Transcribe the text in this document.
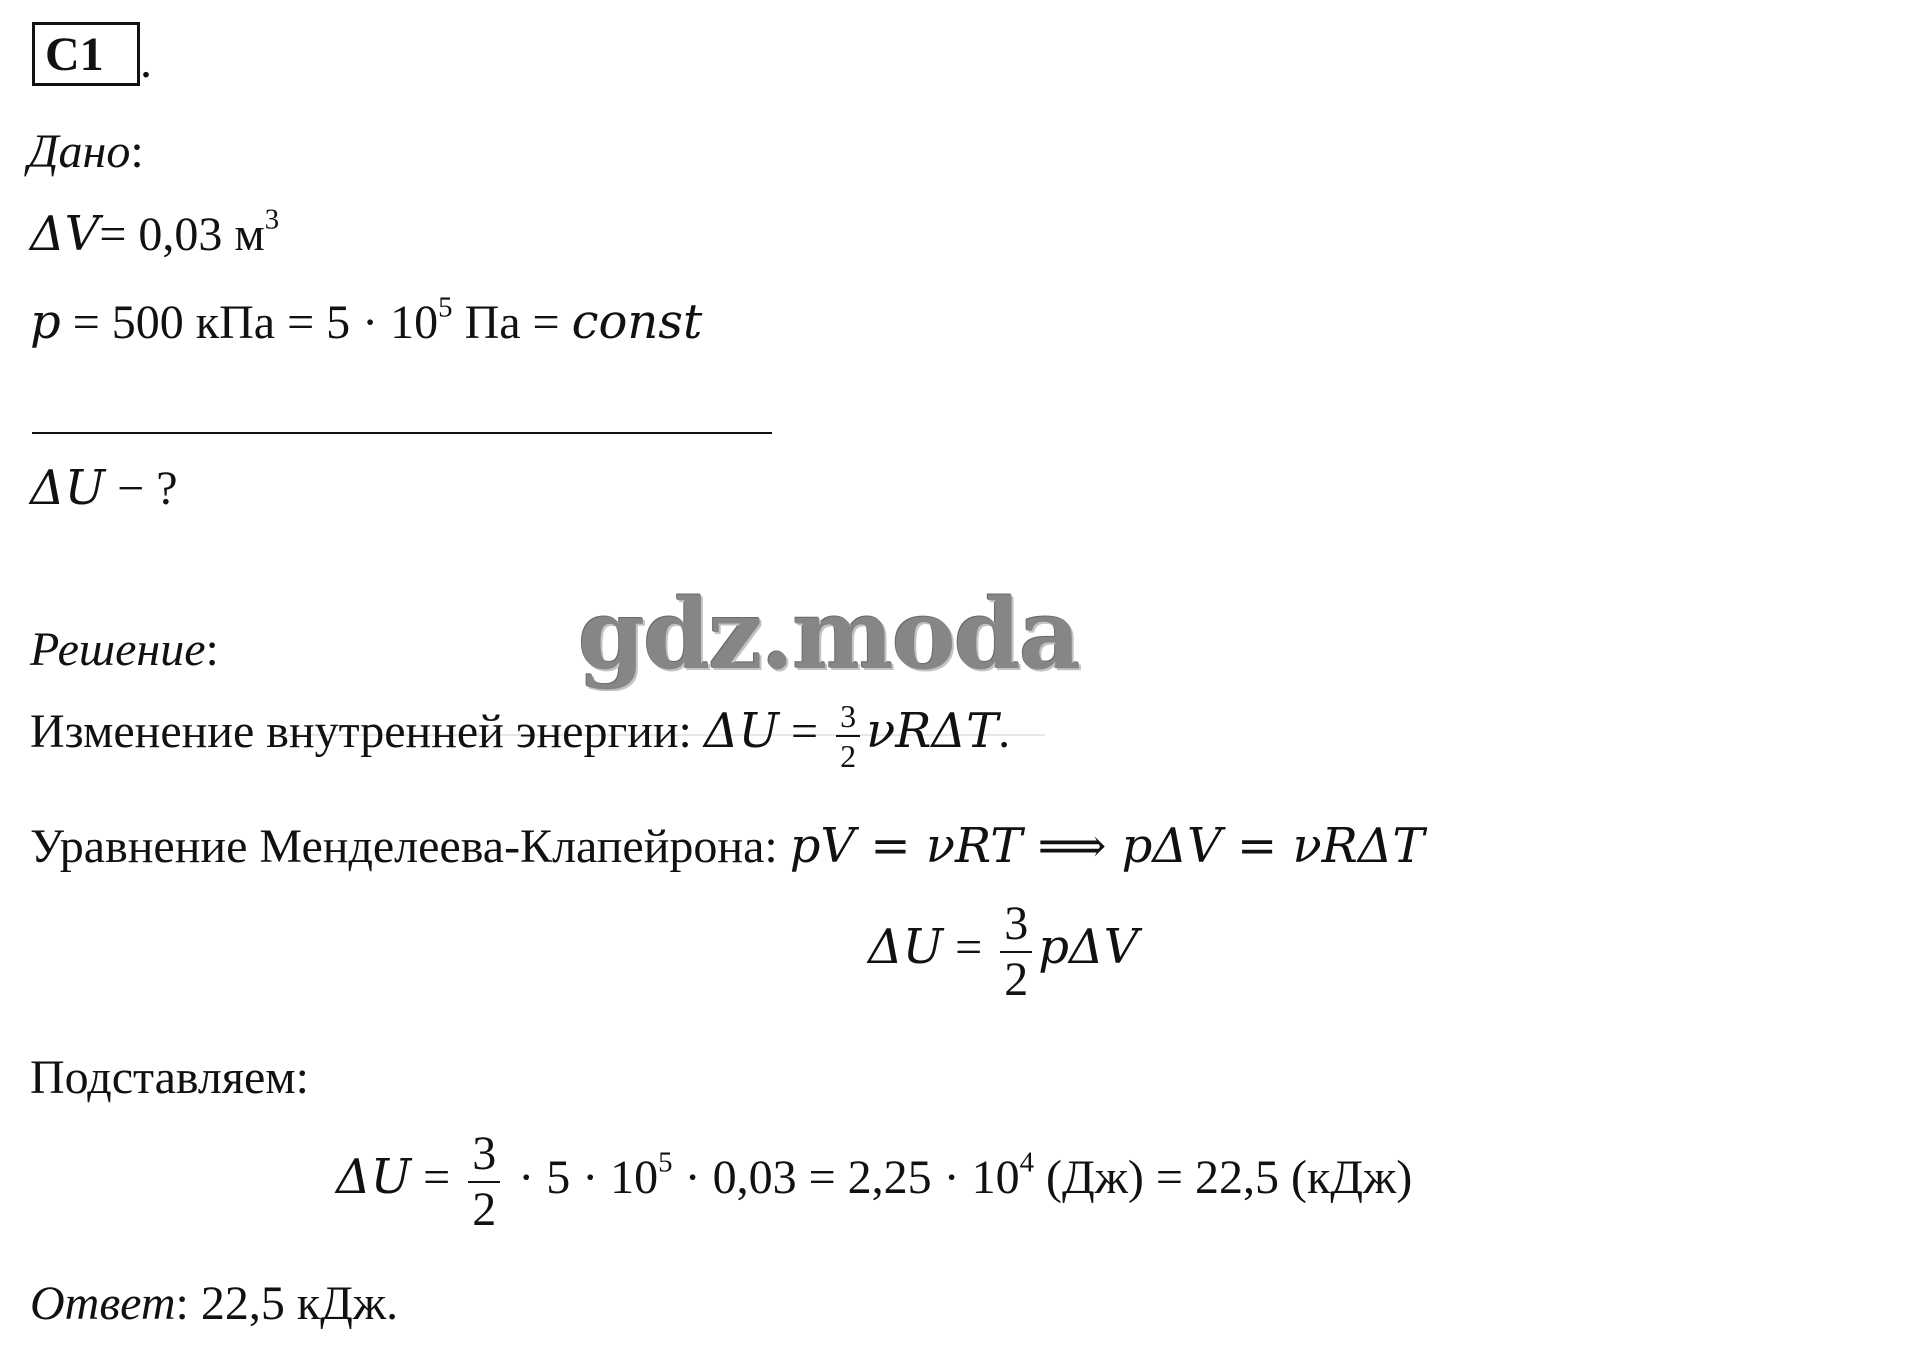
C1 .
Дано:
ΔV= 0,03 $м^3$
p = 500 кПа = $5 \cdot 10^5$ Па = const
ΔU − ?
gdz.moda
Решение:
Изменение внутренней энергии: $\Delta U = \frac{3}{2} \nu R\Delta T$.
Уравнение Менделеева-Клапейрона: pV = νRT ⟹ pΔV = νRΔT
$\Delta U = \frac{3}{2}$ pΔV
Подставляем:
$\Delta U = \frac{3}{2} \cdot 5 \cdot 10^5 \cdot 0,03 = 2,25 \cdot 10^4$ (Дж) = 22,5 (кДж)
Ответ: 22,5 кДж.
